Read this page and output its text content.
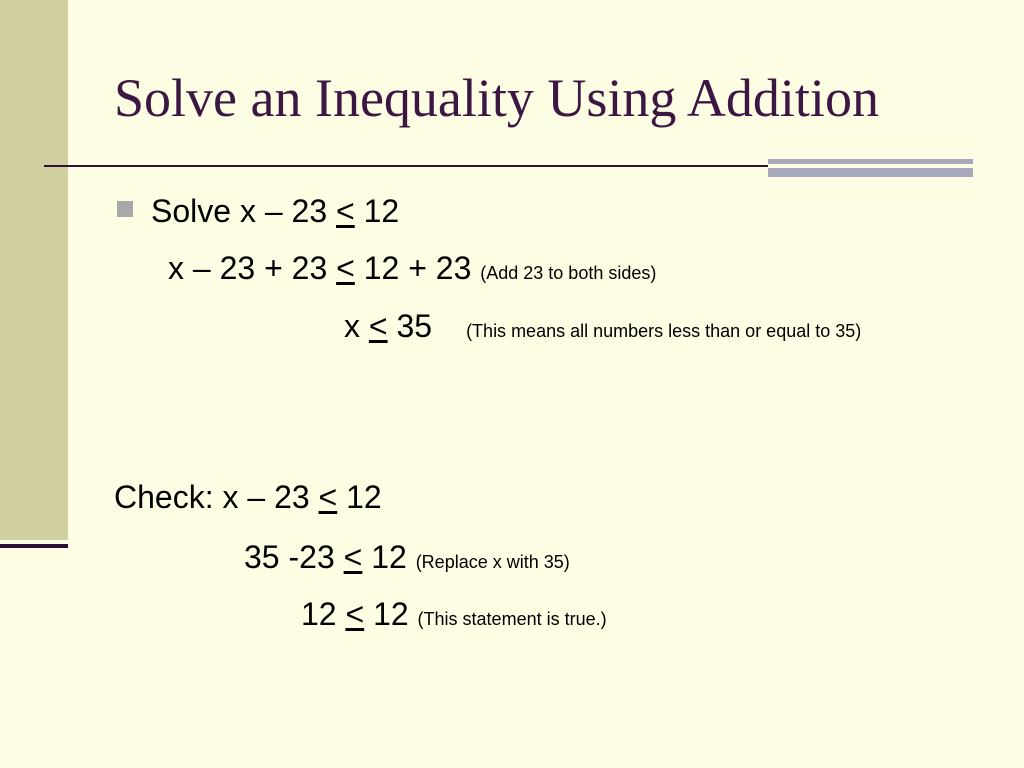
Solve an Inequality Using Addition
Solve x – 23 < 12
x – 23 + 23 < 12 + 23 (Add 23 to both sides)
x < 35 (This means all numbers less than or equal to 35)
Check: x – 23 < 12
35 -23 < 12 (Replace x with 35)
12 < 12 (This statement is true.)
